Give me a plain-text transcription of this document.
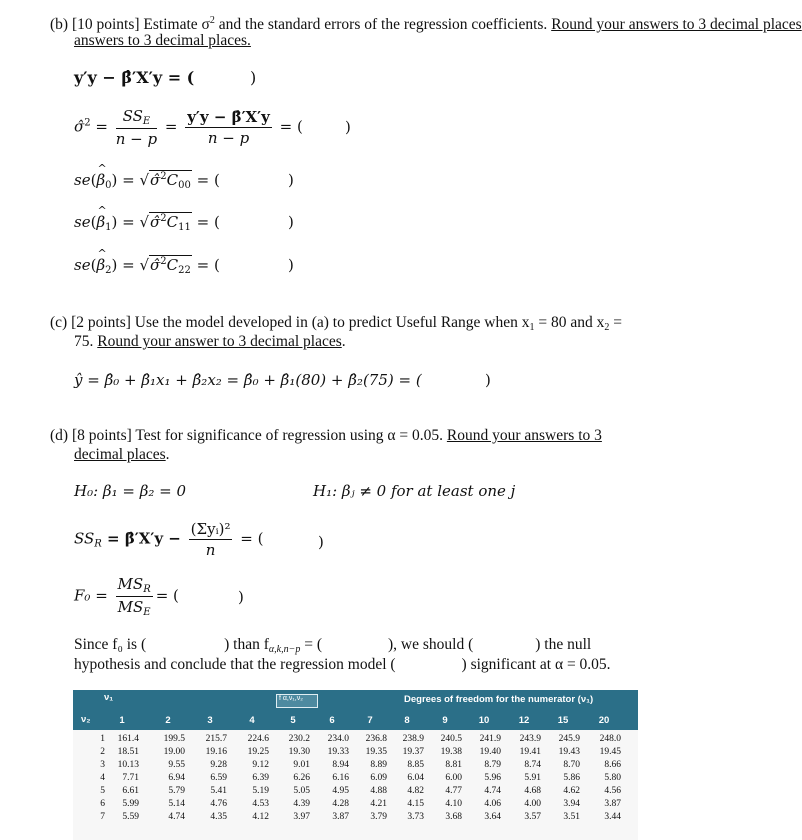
(b) [10 points] Estimate $\sigma^2$ and the standard errors of the regression coefficients. Round your answers to 3 decimal places
answers to 3 decimal places.
y′y − β̂′X′y = (	)
σ̂$^2$ = $\frac{SS_E}{n - p} = \frac{y'y - \betâ'X'y}{n - p}$ = (	)
se(^ $\beta_0$) = $√\sigmâ^2C_{00}$ = (	)
se(^ $\beta_1$) = $√\sigmâ^2C_{11}$ = (	)
se(^ $\beta_2$) = $√\sigmâ^2C_{22}$ = (	)
(c) [2 points] Use the model developed in (a) to predict Useful Range when $x_1 = 80$ and $x_2$ =
75. Round your answer to 3 decimal places.
ŷ = β̂₀ + β̂₁x₁ + β̂₂x₂ = β̂₀ + β̂₁(80) + β̂₂(75) = (	)
(d) [8 points] Test for significance of regression using α = 0.05. Round your answers to 3
decimal places.
H₀: β₁ = β₂ = 0	H₁: βⱼ ≠ 0 for at least one j
$SS_R$ = β̂′X′y − $\frac{\text{(Σyᵢ)²}}{n}$ = (	)
$F_0 = \frac{MS_R}{MS_E}$ = (	)
Since f₀ is (	) than $f_{\alpha,k,n-p}$ = (	), we should (	) the null
hypothesis and conclude that the regression model (	) significant at α = 0.05.
ν₁
ν₂
f α,ν₁,ν₂	Degrees of freedom for the numerator (ν₁)
1	2	3	4	5	6	7	8	9	10	12	15	20
1	161.4	199.5	215.7	224.6	230.2	234.0	236.8	238.9	240.5	241.9	243.9	245.9	248.0
2	18.51	19.00	19.16	19.25	19.30	19.33	19.35	19.37	19.38	19.40	19.41	19.43	19.45
3	10.13	9.55	9.28	9.12	9.01	8.94	8.89	8.85	8.81	8.79	8.74	8.70	8.66
4	7.71	6.94	6.59	6.39	6.26	6.16	6.09	6.04	6.00	5.96	5.91	5.86	5.80
5	6.61	5.79	5.41	5.19	5.05	4.95	4.88	4.82	4.77	4.74	4.68	4.62	4.56
6	5.99	5.14	4.76	4.53	4.39	4.28	4.21	4.15	4.10	4.06	4.00	3.94	3.87
7	5.59	4.74	4.35	4.12	3.97	3.87	3.79	3.73	3.68	3.64	3.57	3.51	3.44
